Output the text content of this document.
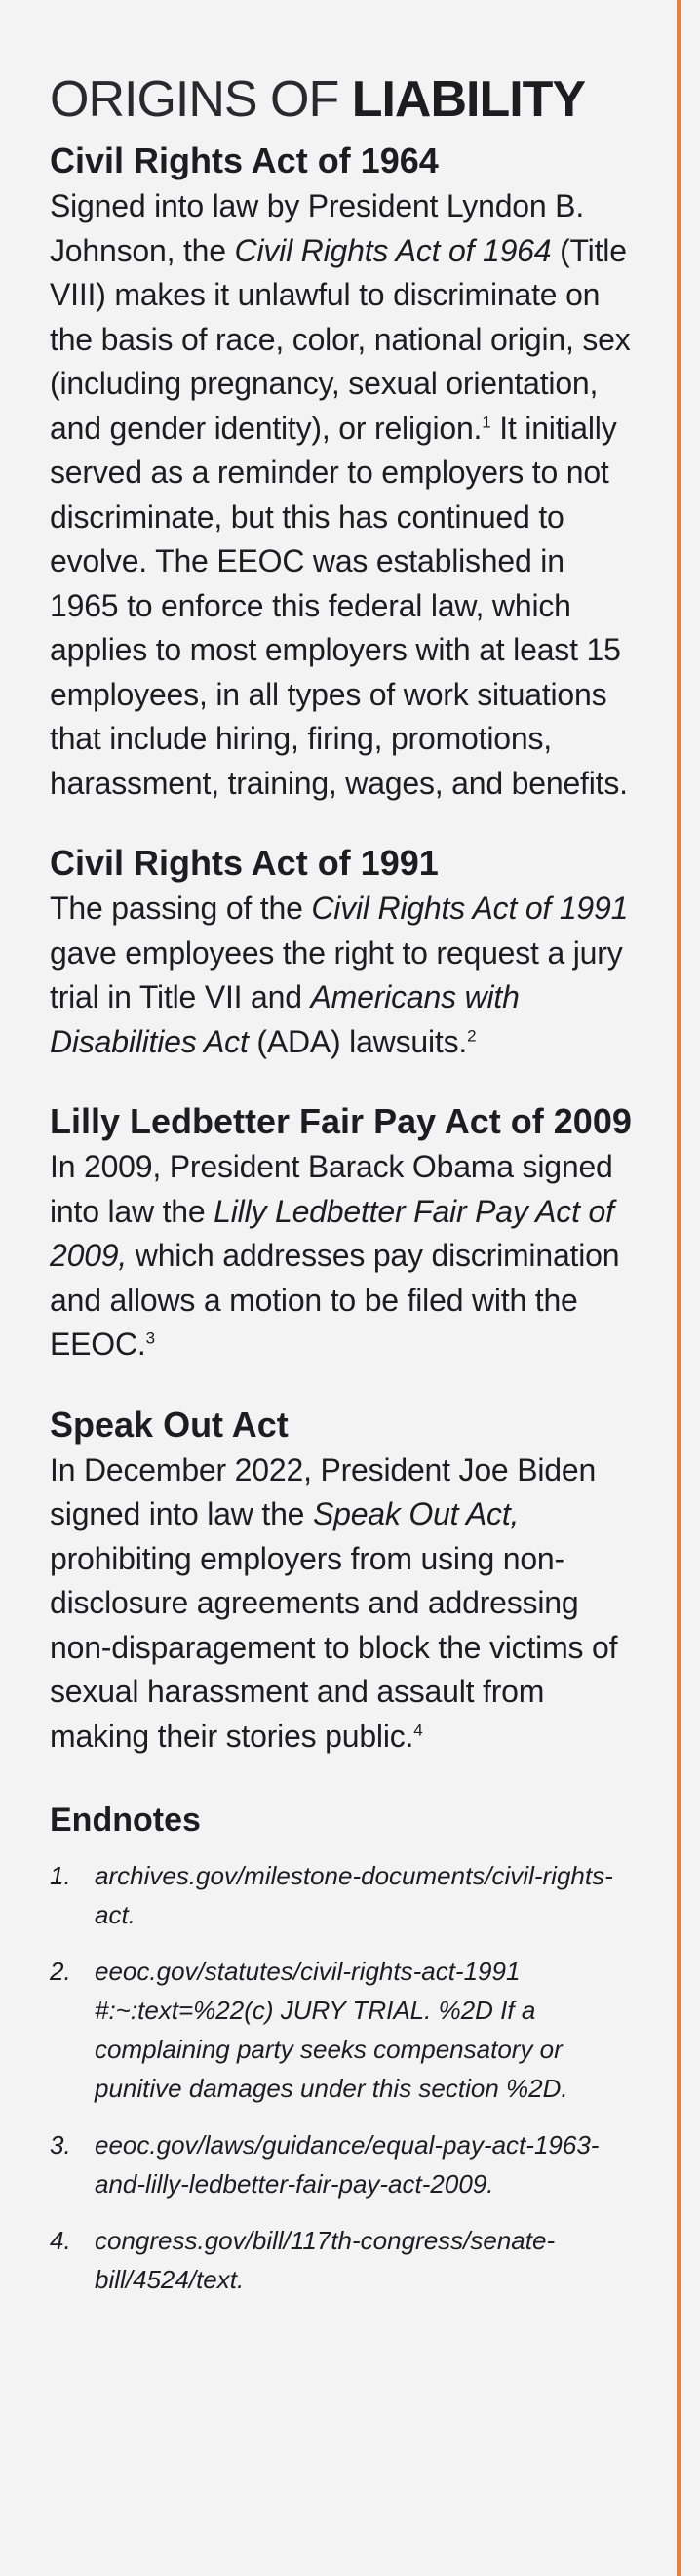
ORIGINS OF LIABILITY
Civil Rights Act of 1964

Signed into law by President Lyndon B. Johnson, the Civil Rights Act of 1964 (Title VIII) makes it unlawful to discriminate on the basis of race, color, national origin, sex (including pregnancy, sexual orientation, and gender identity), or religion.$^1$ It initially served as a reminder to employers to not discriminate, but this has continued to evolve. The EEOC was established in 1965 to enforce this federal law, which applies to most employers with at least 15 employees, in all types of work situations that include hiring, firing, promotions, harassment, training, wages, and benefits.

Civil Rights Act of 1991

The passing of the Civil Rights Act of 1991 gave employees the right to request a jury trial in Title VII and Americans with Disabilities Act (ADA) lawsuits.$^2$

Lilly Ledbetter Fair Pay Act of 2009

In 2009, President Barack Obama signed into law the Lilly Ledbetter Fair Pay Act of 2009, which addresses pay discrimination and allows a motion to be filed with the EEOC.$^3$

Speak Out Act

In December 2022, President Joe Biden signed into law the Speak Out Act, prohibiting employers from using non-disclosure agreements and addressing non-disparagement to block the victims of sexual harassment and assault from making their stories public.$^4$

Endnotes
1. archives.gov/milestone-documents/civil-rights-act.
2. eeoc.gov/statutes/civil-rights-act-1991 #:~:text=%22(c) JURY TRIAL. %2D If a complaining party seeks compensatory or punitive damages under this section %2D.
3. eeoc.gov/laws/guidance/equal-pay-act-1963-and-lilly-ledbetter-fair-pay-act-2009.
4. congress.gov/bill/117th-congress/senate-bill/4524/text.
